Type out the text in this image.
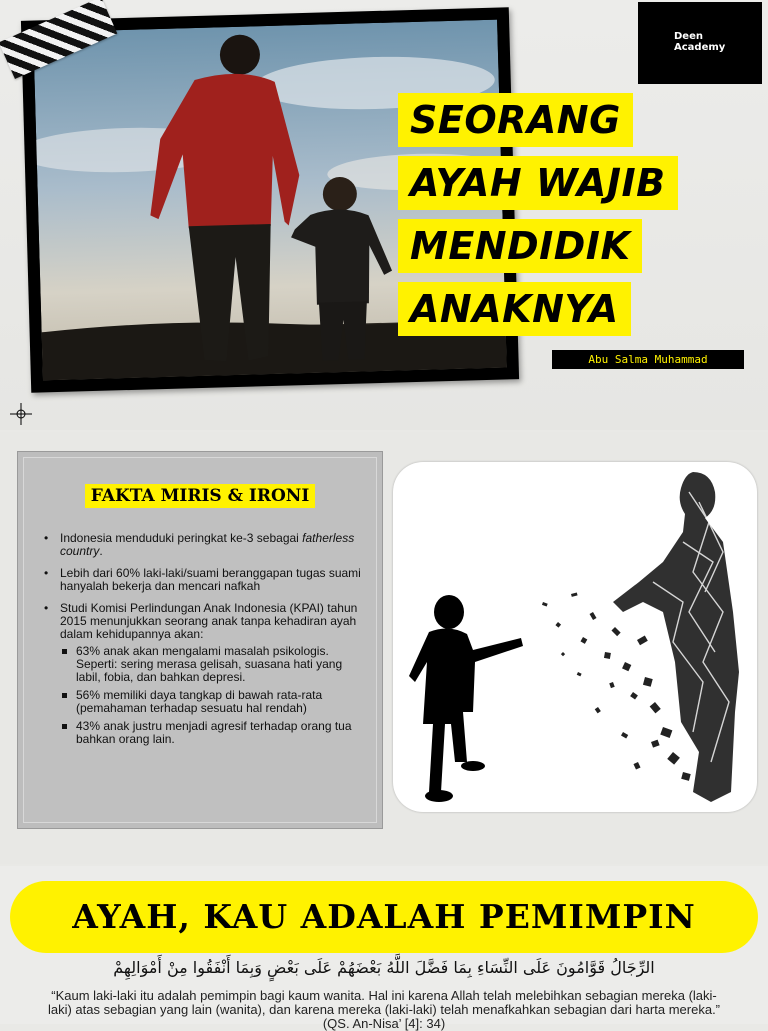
Deen
Academy
SEORANG
AYAH WAJIB
MENDIDIK
ANAKNYA
Abu Salma Muhammad
FAKTA MIRIS & IRONI
• Indonesia menduduki peringkat ke-3 sebagai fatherless country.
• Lebih dari 60% laki-laki/suami beranggapan tugas suami hanyalah bekerja dan mencari nafkah
• Studi Komisi Perlindungan Anak Indonesia (KPAI) tahun 2015 menunjukkan seorang anak tanpa kehadiran ayah dalam kehidupannya akan:
63% anak akan mengalami masalah psikologis. Seperti: sering merasa gelisah, suasana hati yang labil, fobia, dan bahkan depresi.
56% memiliki daya tangkap di bawah rata-rata (pemahaman terhadap sesuatu hal rendah)
43% anak justru menjadi agresif terhadap orang tua bahkan orang lain.
AYAH, KAU ADALAH PEMIMPIN
الرِّجَالُ قَوَّامُونَ عَلَى النِّسَاءِ بِمَا فَضَّلَ اللَّهُ بَعْضَهُمْ عَلَى بَعْضٍ وَبِمَا أَنْفَقُوا مِنْ أَمْوَالِهِمْ
“Kaum laki-laki itu adalah pemimpin bagi kaum wanita. Hal ini karena Allah telah melebihkan sebagian mereka (laki-laki) atas sebagian yang lain (wanita), dan karena mereka (laki-laki) telah menafkahkan sebagian dari harta mereka.” (QS. An-Nisa’ [4]: 34)
